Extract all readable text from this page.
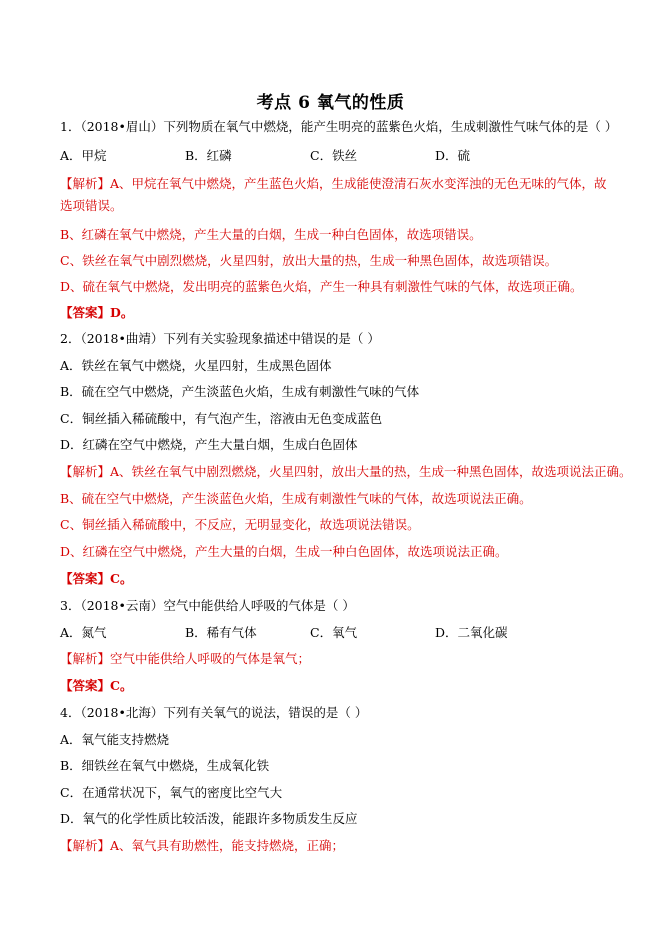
考点 6 氧气的性质
1．（2018•眉山）下列物质在氧气中燃烧，能产生明亮的蓝紫色火焰，生成刺激性气味气体的是（ ）
A．甲烷	B．红磷	C．铁丝	D．硫
【解析】A、甲烷在氧气中燃烧，产生蓝色火焰，生成能使澄清石灰水变浑浊的无色无味的气体，故选项错误。
B、红磷在氧气中燃烧，产生大量的白烟，生成一种白色固体，故选项错误。
C、铁丝在氧气中剧烈燃烧，火星四射，放出大量的热，生成一种黑色固体，故选项错误。
D、硫在氧气中燃烧，发出明亮的蓝紫色火焰，产生一种具有刺激性气味的气体，故选项正确。
【答案】D。
2．（2018•曲靖）下列有关实验现象描述中错误的是（ ）
A．铁丝在氧气中燃烧，火星四射，生成黑色固体
B．硫在空气中燃烧，产生淡蓝色火焰，生成有刺激性气味的气体
C．铜丝插入稀硫酸中，有气泡产生，溶液由无色变成蓝色
D．红磷在空气中燃烧，产生大量白烟，生成白色固体
【解析】A、铁丝在氧气中剧烈燃烧，火星四射，放出大量的热，生成一种黑色固体，故选项说法正确。
B、硫在空气中燃烧，产生淡蓝色火焰，生成有刺激性气味的气体，故选项说法正确。
C、铜丝插入稀硫酸中，不反应，无明显变化，故选项说法错误。
D、红磷在空气中燃烧，产生大量的白烟，生成一种白色固体，故选项说法正确。
【答案】C。
3．（2018•云南）空气中能供给人呼吸的气体是（ ）
A．氮气	B．稀有气体	C．氧气	D．二氧化碳
【解析】空气中能供给人呼吸的气体是氧气；
【答案】C。
4．（2018•北海）下列有关氧气的说法，错误的是（ ）
A．氧气能支持燃烧
B．细铁丝在氧气中燃烧，生成氧化铁
C．在通常状况下，氧气的密度比空气大
D．氧气的化学性质比较活泼，能跟许多物质发生反应
【解析】A、氧气具有助燃性，能支持燃烧，正确；
